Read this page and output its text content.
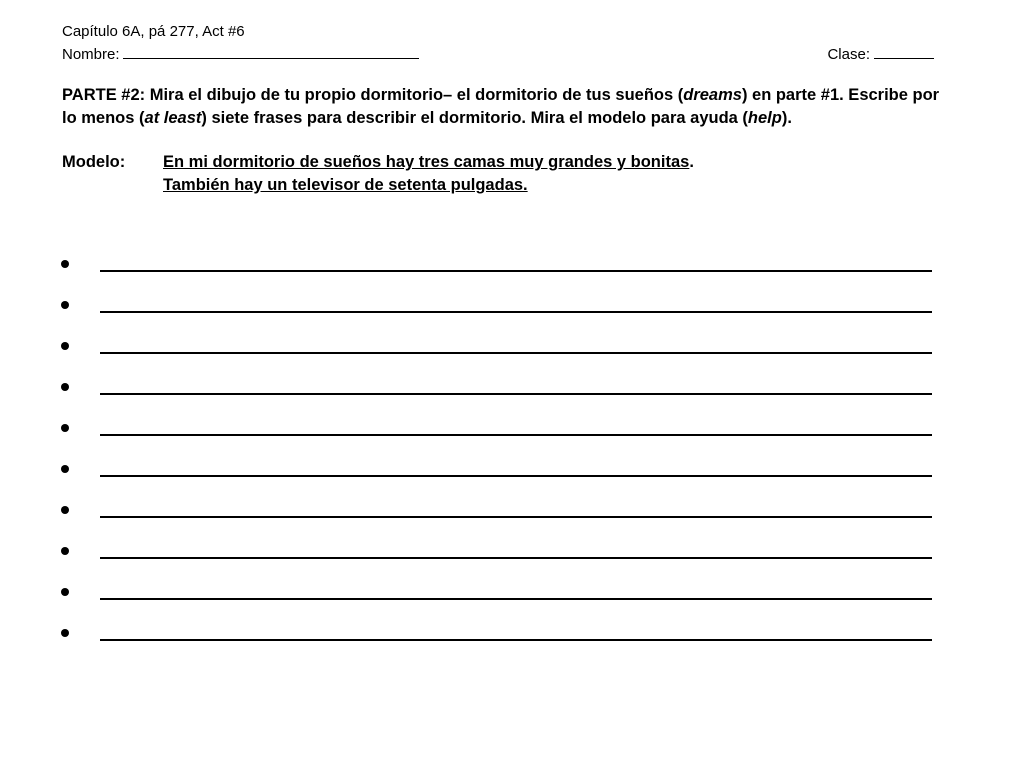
Capítulo 6A, pá 277, Act #6
Nombre:	Clase:
PARTE #2: Mira el dibujo de tu propio dormitorio– el dormitorio de tus sueños (dreams) en parte #1. Escribe por lo menos (at least) siete frases para describir el dormitorio. Mira el modelo para ayuda (help).
Modelo: En mi dormitorio de sueños hay tres camas muy grandes y bonitas.
También hay un televisor de setenta pulgadas.
